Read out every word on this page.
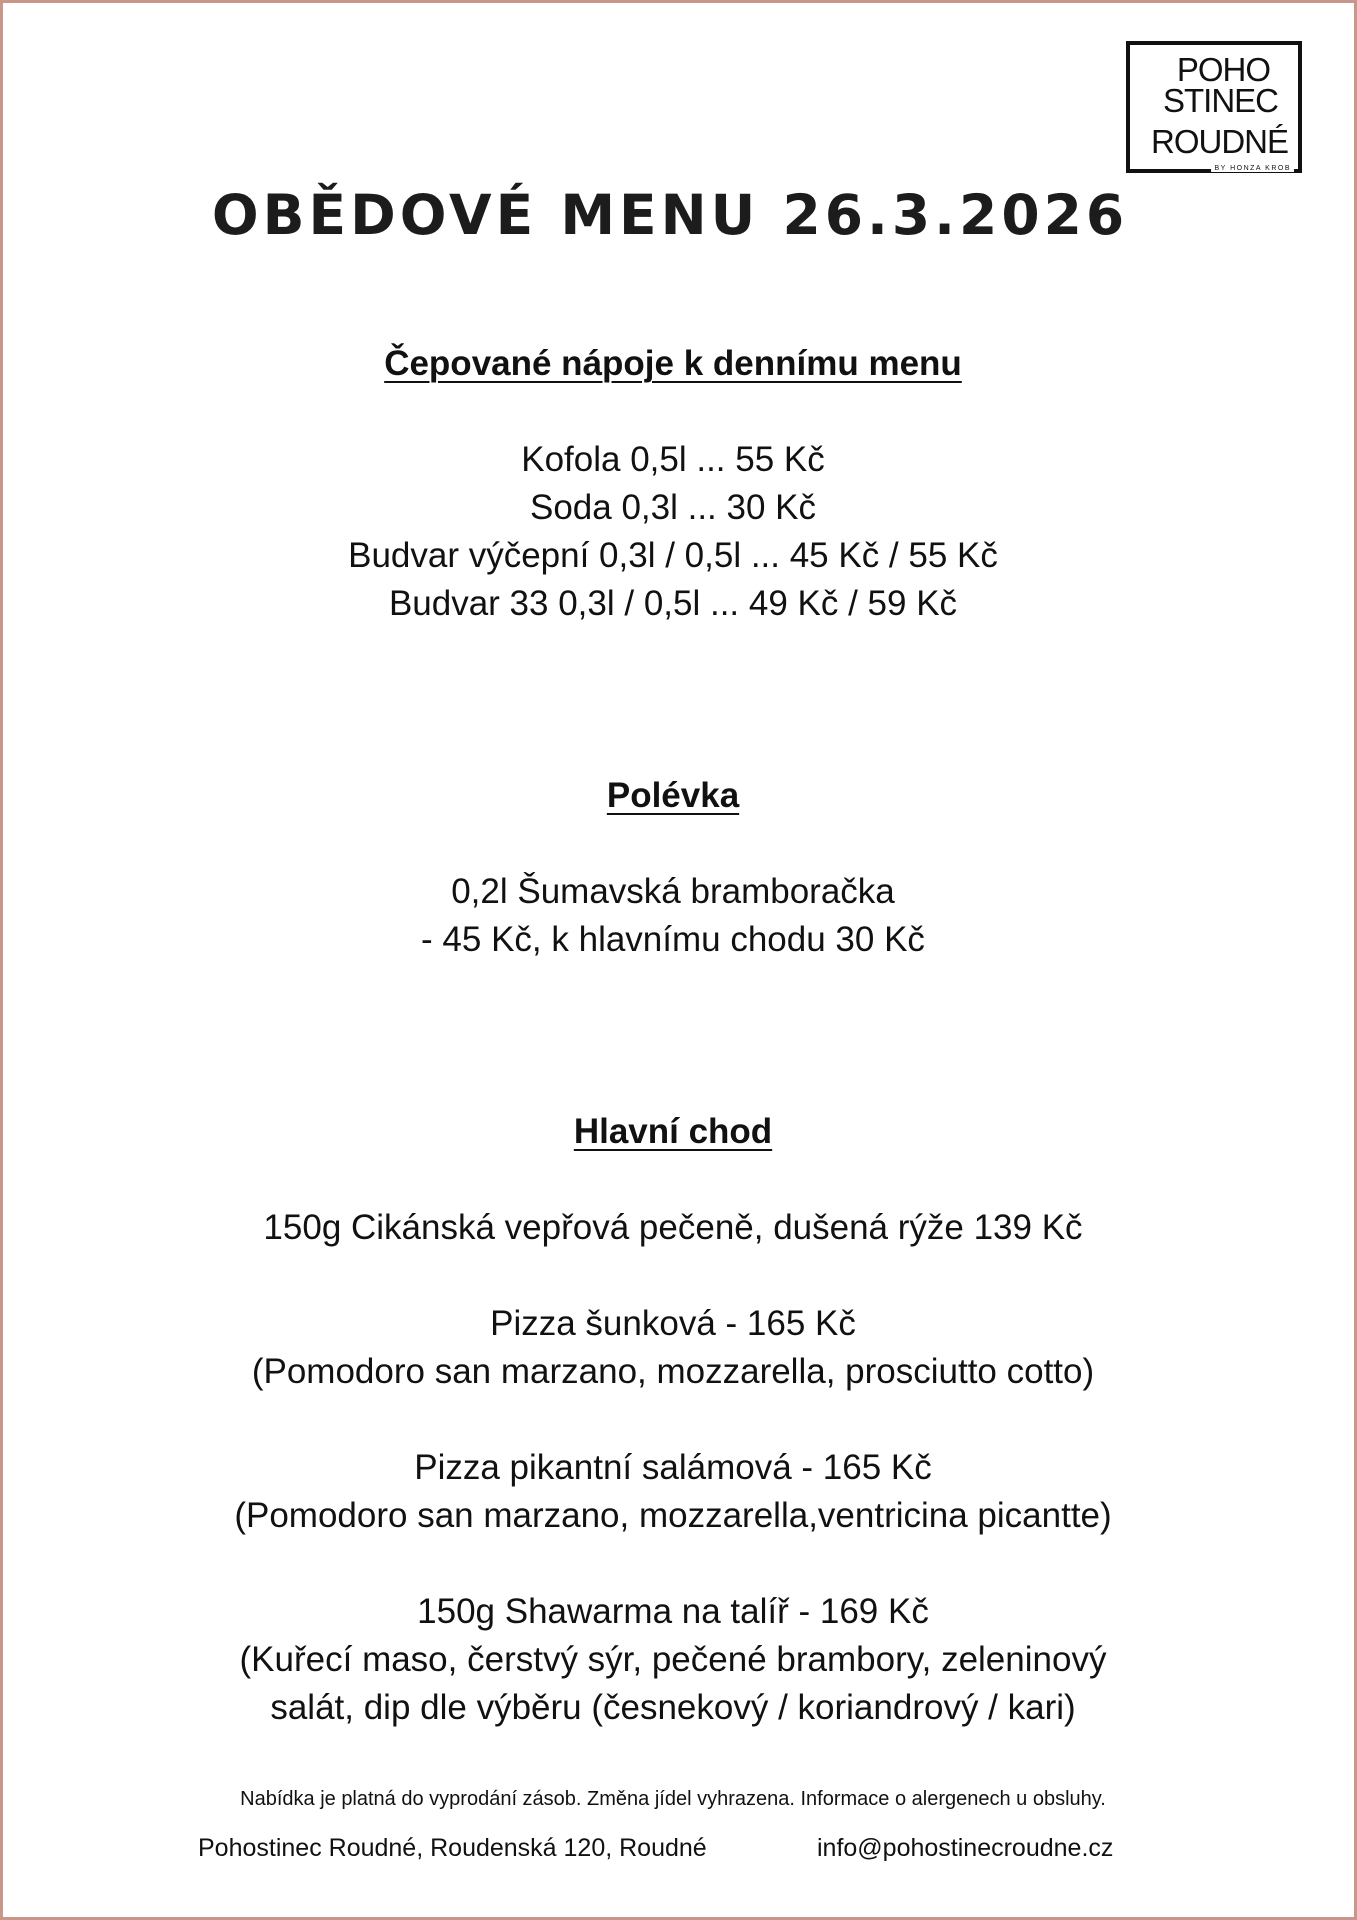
POHO
STINEC
ROUDNÉ
BY HONZA KROB
OBĚDOVÉ MENU 26.3.2026
Čepované nápoje k dennímu menu
Kofola 0,5l ... 55 Kč
Soda 0,3l ... 30 Kč
Budvar výčepní 0,3l / 0,5l ... 45 Kč / 55 Kč
Budvar 33 0,3l / 0,5l ... 49 Kč / 59 Kč
Polévka
0,2l Šumavská bramboračka
- 45 Kč, k hlavnímu chodu 30 Kč
Hlavní chod
150g Cikánská vepřová pečeně, dušená rýže 139 Kč
Pizza šunková - 165 Kč
(Pomodoro san marzano, mozzarella, prosciutto cotto)
Pizza pikantní salámová - 165 Kč
(Pomodoro san marzano, mozzarella,ventricina picantte)
150g Shawarma na talíř - 169 Kč
(Kuřecí maso, čerstvý sýr, pečené brambory, zeleninový
salát, dip dle výběru (česnekový / koriandrový / kari)
Nabídka je platná do vyprodání zásob. Změna jídel vyhrazena. Informace o alergenech u obsluhy.
Pohostinec Roudné, Roudenská 120, Roudné	info@pohostinecroudne.cz
